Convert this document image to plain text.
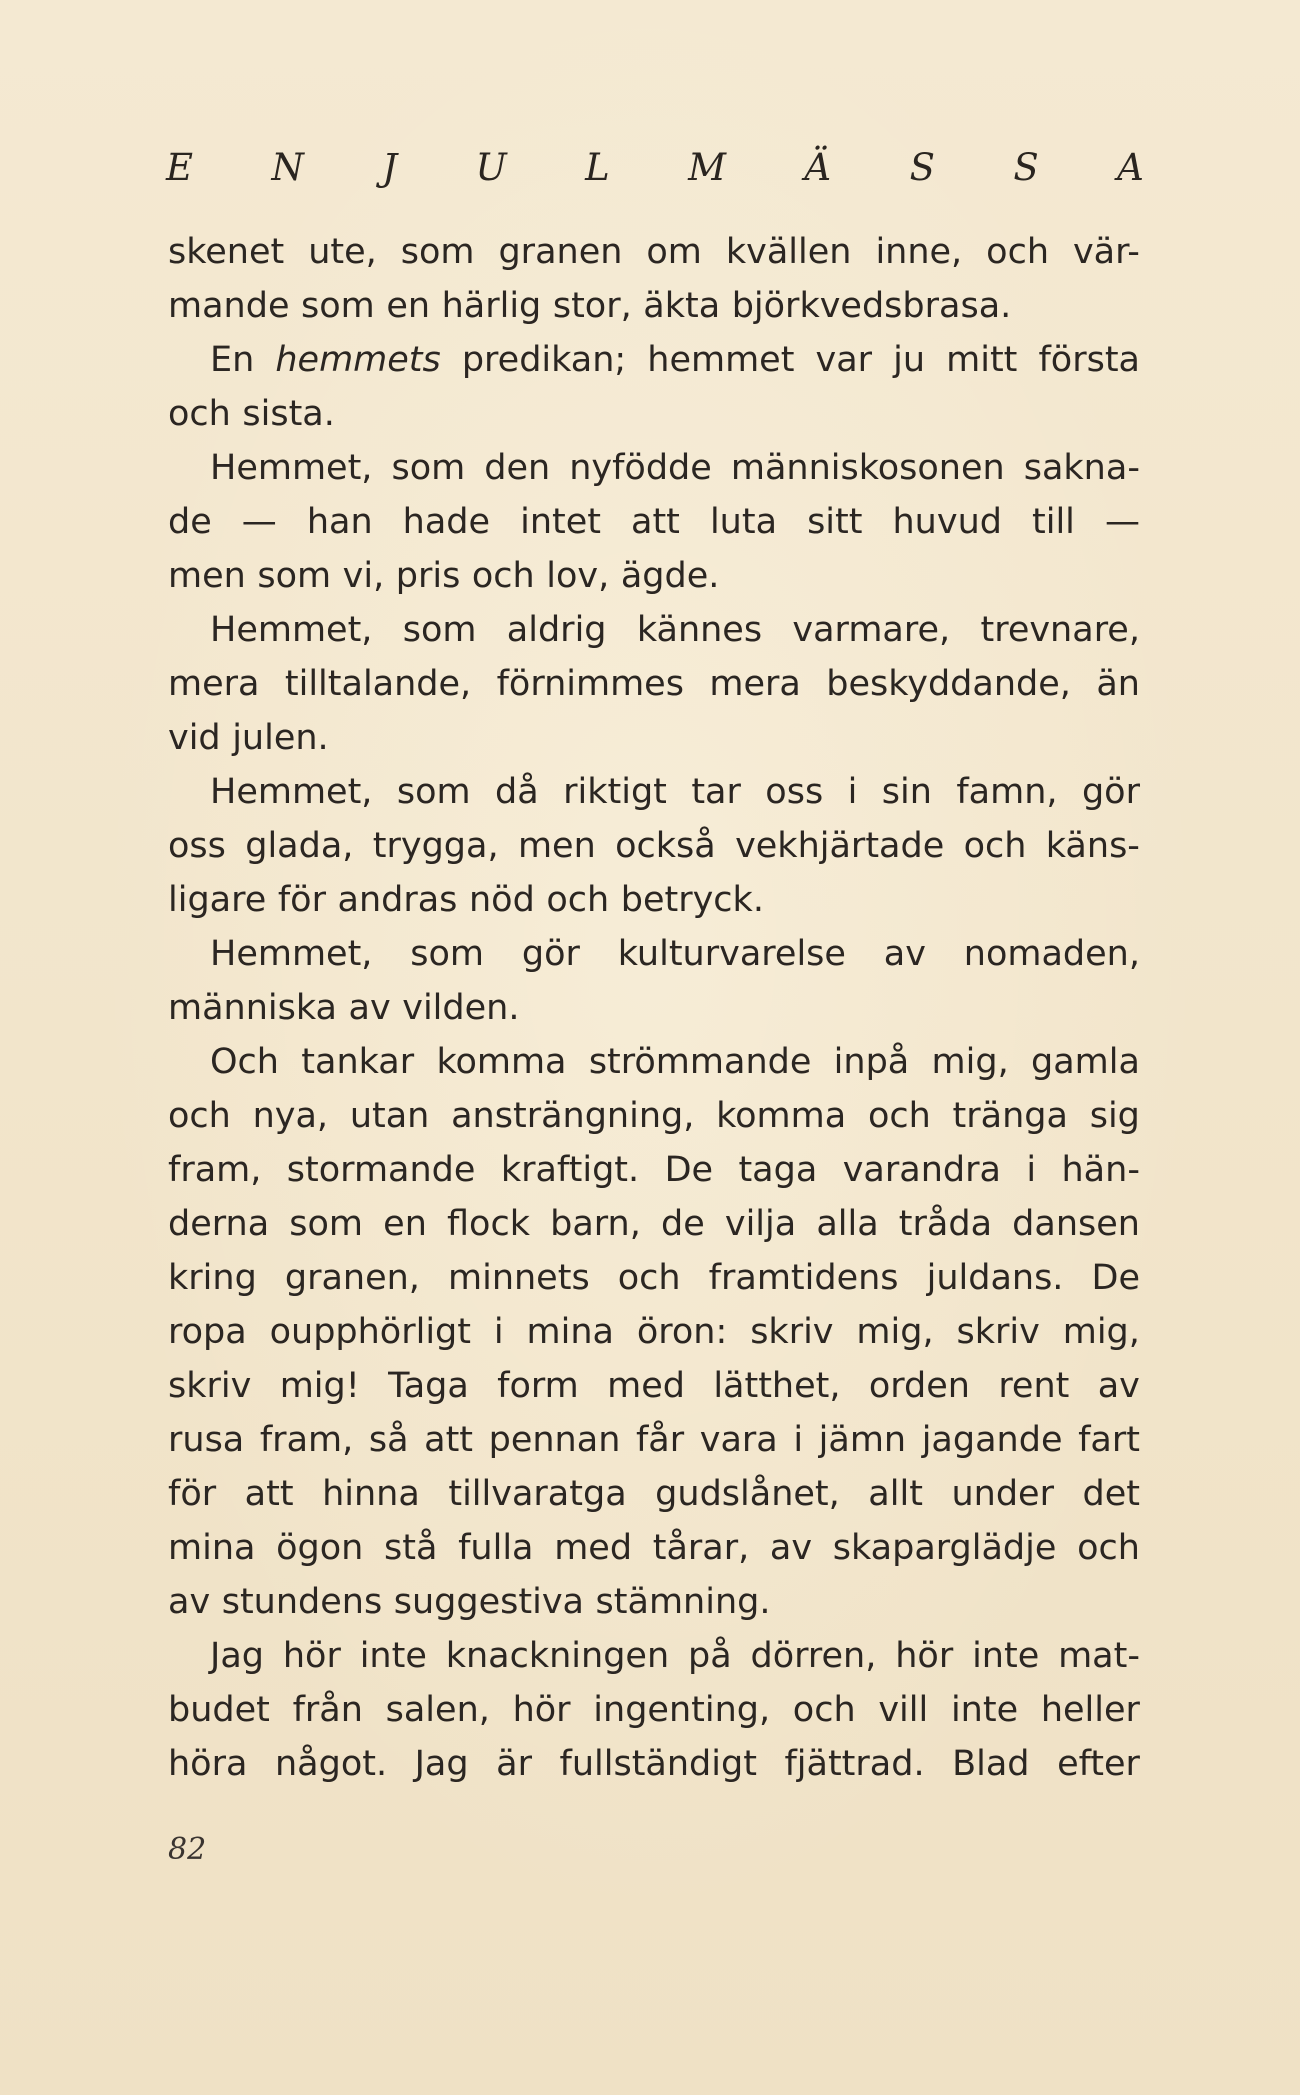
E N J U L M Ä S S A
skenet ute, som granen om kvällen inne, och vär-
mande som en härlig stor, äkta björkvedsbrasa.
En hemmets predikan; hemmet var ju mitt första
och sista.
Hemmet, som den nyfödde människosonen sakna-
de — han hade intet att luta sitt huvud till —
men som vi, pris och lov, ägde.
Hemmet, som aldrig kännes varmare, trevnare,
mera tilltalande, förnimmes mera beskyddande, än
vid julen.
Hemmet, som då riktigt tar oss i sin famn, gör
oss glada, trygga, men också vekhjärtade och käns-
ligare för andras nöd och betryck.
Hemmet, som gör kulturvarelse av nomaden,
människa av vilden.
Och tankar komma strömmande inpå mig, gamla
och nya, utan ansträngning, komma och tränga sig
fram, stormande kraftigt. De taga varandra i hän-
derna som en flock barn, de vilja alla tråda dansen
kring granen, minnets och framtidens juldans. De
ropa oupphörligt i mina öron: skriv mig, skriv mig,
skriv mig! Taga form med lätthet, orden rent av
rusa fram, så att pennan får vara i jämn jagande fart
för att hinna tillvaratga gudslånet, allt under det
mina ögon stå fulla med tårar, av skaparglädje och
av stundens suggestiva stämning.
Jag hör inte knackningen på dörren, hör inte mat-
budet från salen, hör ingenting, och vill inte heller
höra något. Jag är fullständigt fjättrad. Blad efter
82
